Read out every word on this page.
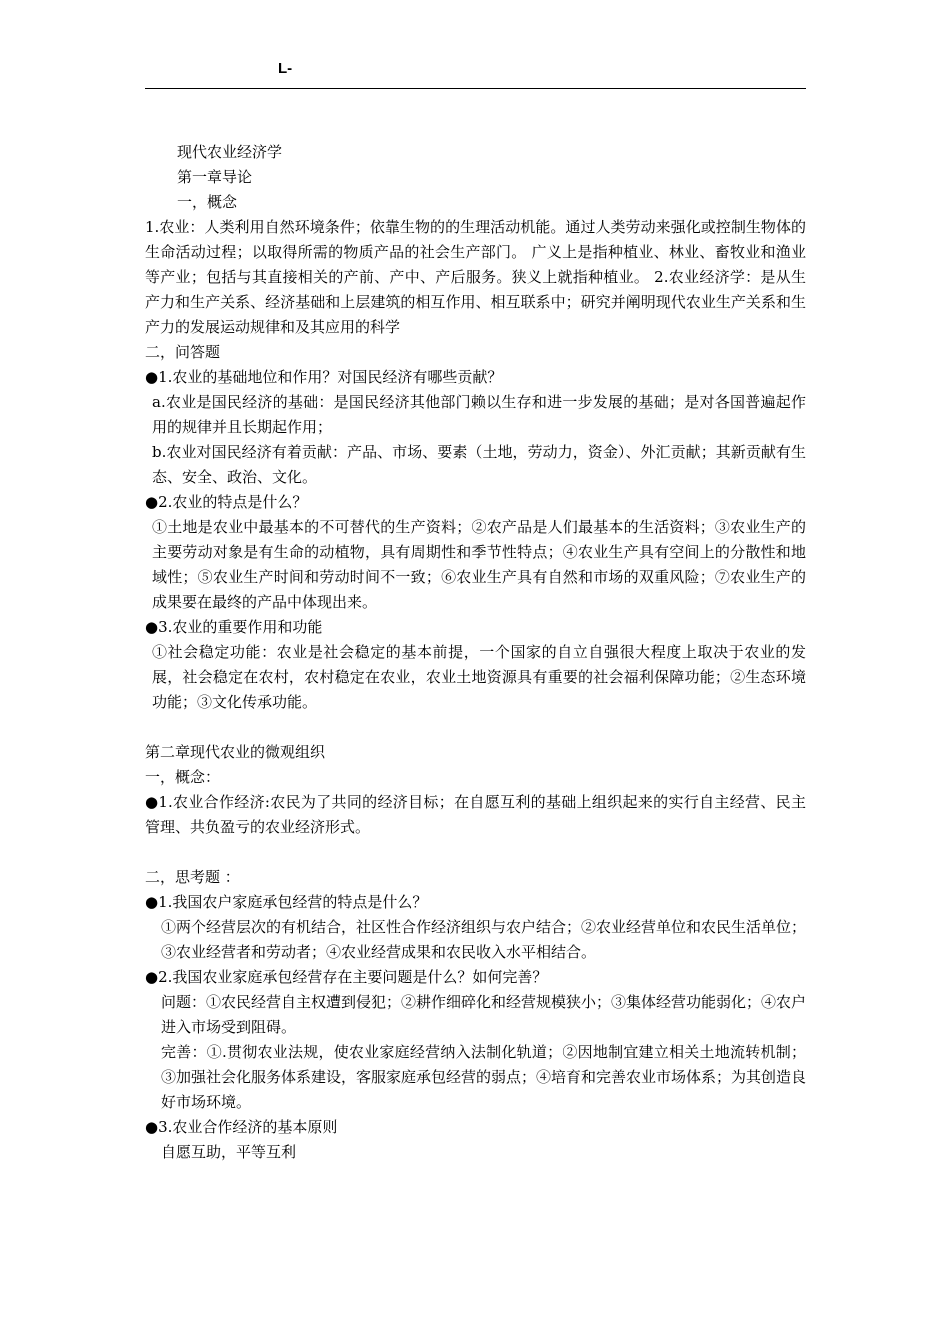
L-

现代农业经济学

第一章导论

一，概念

1.农业：人类利用自然环境条件；依靠生物的的生理活动机能。通过人类劳动来强化或控制生物体的生命活动过程；以取得所需的物质产品的社会生产部门。 广义上是指种植业、林业、畜牧业和渔业等产业；包括与其直接相关的产前、产中、产后服务。狭义上就指种植业。 2.农业经济学：是从生产力和生产关系、经济基础和上层建筑的相互作用、相互联系中；研究并阐明现代农业生产关系和生产力的发展运动规律和及其应用的科学

二，问答题

●1.农业的基础地位和作用？对国民经济有哪些贡献？

a.农业是国民经济的基础：是国民经济其他部门赖以生存和进一步发展的基础；是对各国普遍起作用的规律并且长期起作用；

b.农业对国民经济有着贡献：产品、市场、要素（土地，劳动力，资金）、外汇贡献；其新贡献有生态、安全、政治、文化。

●2.农业的特点是什么？

①土地是农业中最基本的不可替代的生产资料；②农产品是人们最基本的生活资料；③农业生产的主要劳动对象是有生命的动植物，具有周期性和季节性特点；④农业生产具有空间上的分散性和地域性；⑤农业生产时间和劳动时间不一致；⑥农业生产具有自然和市场的双重风险；⑦农业生产的成果要在最终的产品中体现出来。

●3.农业的重要作用和功能

①社会稳定功能：农业是社会稳定的基本前提，一个国家的自立自强很大程度上取决于农业的发展，社会稳定在农村，农村稳定在农业，农业土地资源具有重要的社会福利保障功能；②生态环境功能；③文化传承功能。

第二章现代农业的微观组织

一，概念：

●1.农业合作经济:农民为了共同的经济目标；在自愿互利的基础上组织起来的实行自主经营、民主管理、共负盈亏的农业经济形式。

二，思考题 ：

●1.我国农户家庭承包经营的特点是什么？

①两个经营层次的有机结合，社区性合作经济组织与农户结合；②农业经营单位和农民生活单位；③农业经营者和劳动者；④农业经营成果和农民收入水平相结合。

●2.我国农业家庭承包经营存在主要问题是什么？如何完善？

问题：①农民经营自主权遭到侵犯；②耕作细碎化和经营规模狭小；③集体经营功能弱化；④农户进入市场受到阻碍。

完善：①.贯彻农业法规，使农业家庭经营纳入法制化轨道；②因地制宜建立相关土地流转机制；③加强社会化服务体系建设，客服家庭承包经营的弱点；④培育和完善农业市场体系；为其创造良好市场环境。

●3.农业合作经济的基本原则

自愿互助，平等互利
